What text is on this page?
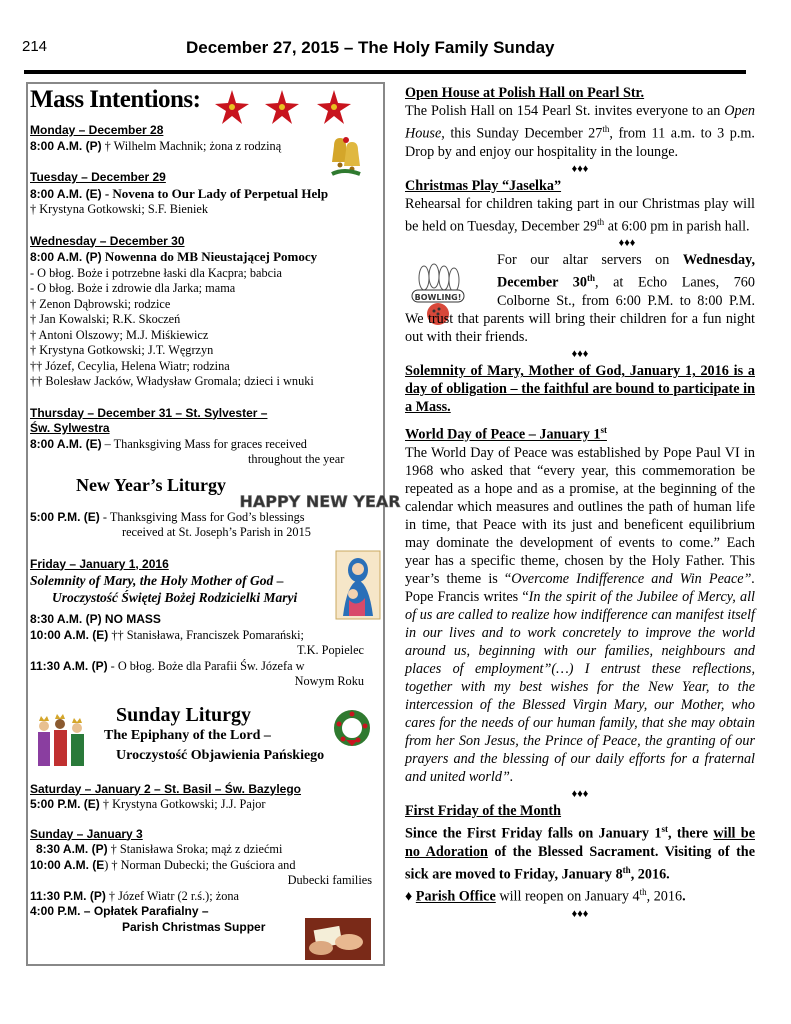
214	December 27, 2015 – The Holy Family Sunday
HAPPY NEW YEAR
Mass Intentions:
Monday – December 28
8:00 A.M. (P) † Wilhelm Machnik; żona z rodziną
Tuesday – December 29
8:00 A.M. (E) - Novena to Our Lady of Perpetual Help
† Krystyna Gotkowski; S.F. Bieniek
Wednesday – December 30
8:00 A.M. (P) Nowenna do MB Nieustającej Pomocy
- O błog. Boże i potrzebne łaski dla Kacpra; babcia
- O błog. Boże i zdrowie dla Jarka; mama
† Zenon Dąbrowski; rodzice
† Jan Kowalski; R.K. Skoczeń
† Antoni Olszowy; M.J. Miśkiewicz
† Krystyna Gotkowski; J.T. Węgrzyn
†† Józef, Cecylia, Helena Wiatr; rodzina
†† Bolesław Jacków, Władysław Gromala; dzieci i wnuki
Thursday – December 31 – St. Sylvester –
Św. Sylwestra
8:00 A.M. (E) – Thanksgiving Mass for graces received
throughout the year
New Year’s Liturgy
5:00 P.M. (E) - Thanksgiving Mass for God’s blessings
received at St. Joseph’s Parish in 2015
Friday – January 1, 2016
Solemnity of Mary, the Holy Mother of God –
Uroczystość Świętej Bożej Rodzicielki Maryi
8:30 A.M. (P) NO MASS
10:00 A.M. (E) †† Stanisława, Franciszek Pomarański;
T.K. Popielec
11:30 A.M. (P) - O błog. Boże dla Parafii Św. Józefa w
Nowym Roku
Sunday Liturgy
The Epiphany of the Lord –
Uroczystość Objawienia Pańskiego
Saturday – January 2 – St. Basil – Św. Bazylego
5:00 P.M. (E) † Krystyna Gotkowski; J.J. Pajor
Sunday – January 3
8:30 A.M. (P) † Stanisława Sroka; mąż z dziećmi
10:00 A.M. (E) † Norman Dubecki; the Guściora and
Dubecki families
11:30 P.M. (P) † Józef Wiatr (2 r.ś.); żona
4:00 P.M. – Opłatek Parafialny –
Parish Christmas Supper
BOWLING!
Open House at Polish Hall on Pearl Str.

The Polish Hall on 154 Pearl St. invites everyone to an Open House, this Sunday December 27th, from 11 a.m. to 3 p.m. Drop by and enjoy our hospitality in the lounge.

♦♦♦
Christmas Play “Jaselka”

Rehearsal for children taking part in our Christmas play will be held on Tuesday, December 29th at 6:00 pm in parish hall.

♦♦♦

For our altar servers on Wednesday, December 30th, at Echo Lanes, 760 Colborne St., from 6:00 P.M. to 8:00 P.M. We trust that parents will bring their children for a fun night out with their friends.

♦♦♦
Solemnity of Mary, Mother of God, January 1, 2016 is a day of obligation – the faithful are bound to participate in a Mass.
World Day of Peace – January 1st

The World Day of Peace was established by Pope Paul VI in 1968 who asked that “every year, this commemoration be repeated as a hope and as a promise, at the beginning of the calendar which measures and outlines the path of human life in time, that Peace with its just and beneficent equilibrium may dominate the development of events to come.” Each year has a specific theme, chosen by the Holy Father. This year’s theme is “Overcome Indifference and Win Peace”. Pope Francis writes “In the spirit of the Jubilee of Mercy, all of us are called to realize how indifference can manifest itself in our lives and to work concretely to improve the world around us, beginning with our families, neighbours and places of employment”(…) I entrust these reflections, together with my best wishes for the New Year, to the intercession of the Blessed Virgin Mary, our Mother, who cares for the needs of our human family, that she may obtain from her Son Jesus, the Prince of Peace, the granting of our prayers and the blessing of our daily efforts for a fraternal and united world”.

♦♦♦
First Friday of the Month

Since the First Friday falls on January 1st, there will be no Adoration of the Blessed Sacrament. Visiting of the sick are moved to Friday, January 8th, 2016.

♦ Parish Office will reopen on January 4th, 2016.

♦♦♦
